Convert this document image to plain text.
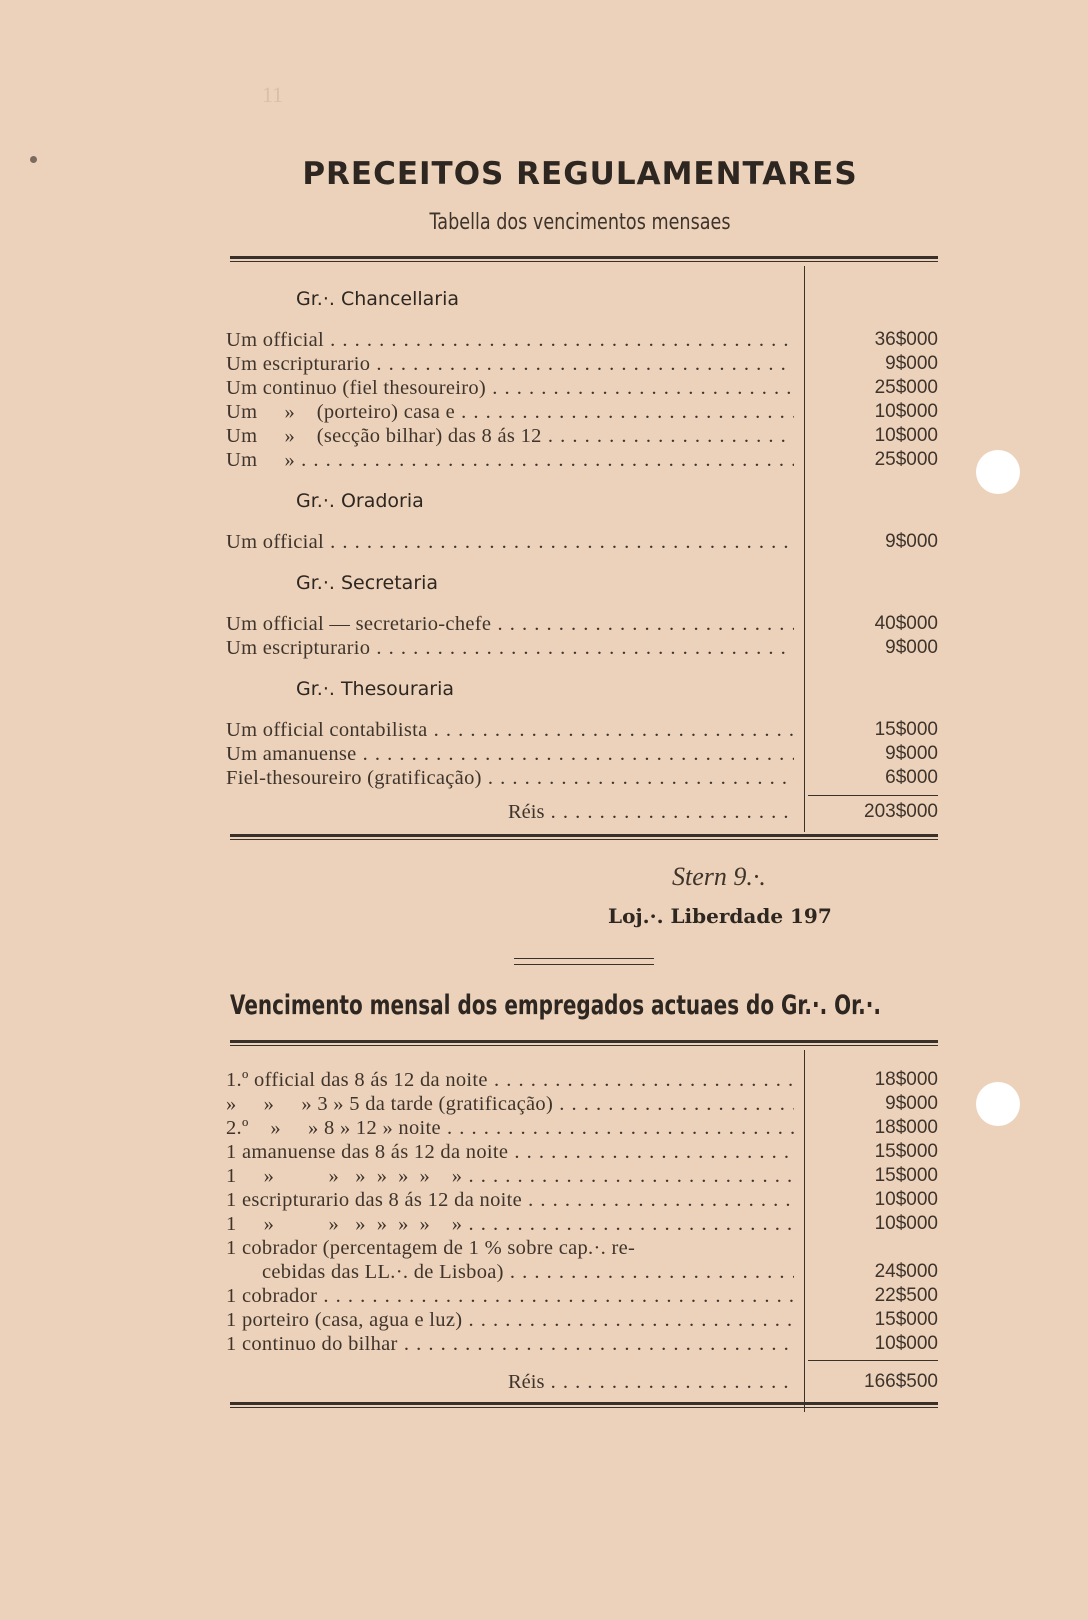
11
PRECEITOS REGULAMENTARES
Tabella dos vencimentos mensaes
Gr.·. Chancellaria
Um official . . .	36$000
Um escripturario . . .	9$000
Um continuo (fiel thesoureiro) . . .	25$000
Um     »    (porteiro) casa e . . .	10$000
Um     »    (secção bilhar) das 8 ás 12 . . .	10$000
Um     » . . .	25$000
Gr.·. Oradoria
Um official . . .	9$000
Gr.·. Secretaria
Um official — secretario-chefe . . .	40$000
Um escripturario . . .	9$000
Gr.·. Thesouraria
Um official contabilista . . .	15$000
Um amanuense . . .	9$000
Fiel-thesoureiro (gratificação) . . .	6$000
Réis . . .	203$000
Stern 9.·.
Loj.·. Liberdade 197
Vencimento mensal dos empregados actuaes do Gr.·. Or.·.
1.º official das 8 ás 12 da noite . . .	18$000
»     »     » 3 » 5 da tarde (gratificação) . . .	9$000
2.º    »     » 8 » 12 » noite . . .	18$000
1 amanuense das 8 ás 12 da noite . . .	15$000
1     »          »   »  »  »  »    » . . .	15$000
1 escripturario das 8 ás 12 da noite . . .	10$000
1     »          »   »  »  »  »    » . . .	10$000
1 cobrador (percentagem de 1 % sobre cap.·. re-
cebidas das LL.·. de Lisboa) . . .	24$000
1 cobrador . . .	22$500
1 porteiro (casa, agua e luz) . . .	15$000
1 continuo do bilhar . . .	10$000
Réis . . .	166$500
